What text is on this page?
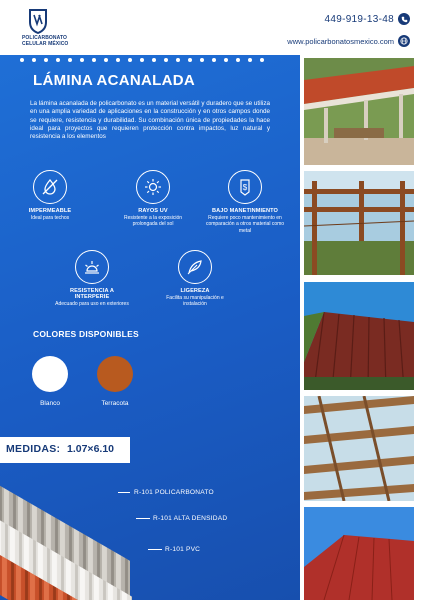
POLICARBONATO CELULAR MÉXICO
449-919-13-48
www.policarbonatosmexico.com
LÁMINA ACANALADA
La lámina acanalada de policarbonato es un material versátil y duradero que se utiliza en una amplia variedad de aplicaciones en la construcción y en otros campos donde se requiere, resistencia y durabilidad. Su combinación única de propiedades la hace ideal para proyectos que requieren protección contra impactos, luz natural y resistencia a los elementos
IMPERMEABLE
Ideal para techos
RAYOS UV
Resistente a la exposición prolongada del sol
$
BAJO MANETINMIENTO
Requiere poco mantenimiento en comparación a otros material como metal
RESISTENCIA A INTERPERIE
Adecuado para uso en exteriores
LIGEREZA
Facilita su manipulación e instalación
COLORES DISPONIBLES
Blanco	Terracota
MEDIDAS: 1.07×6.10
R-101 POLICARBONATO
R-101 ALTA DENSIDAD
R-101 PVC
